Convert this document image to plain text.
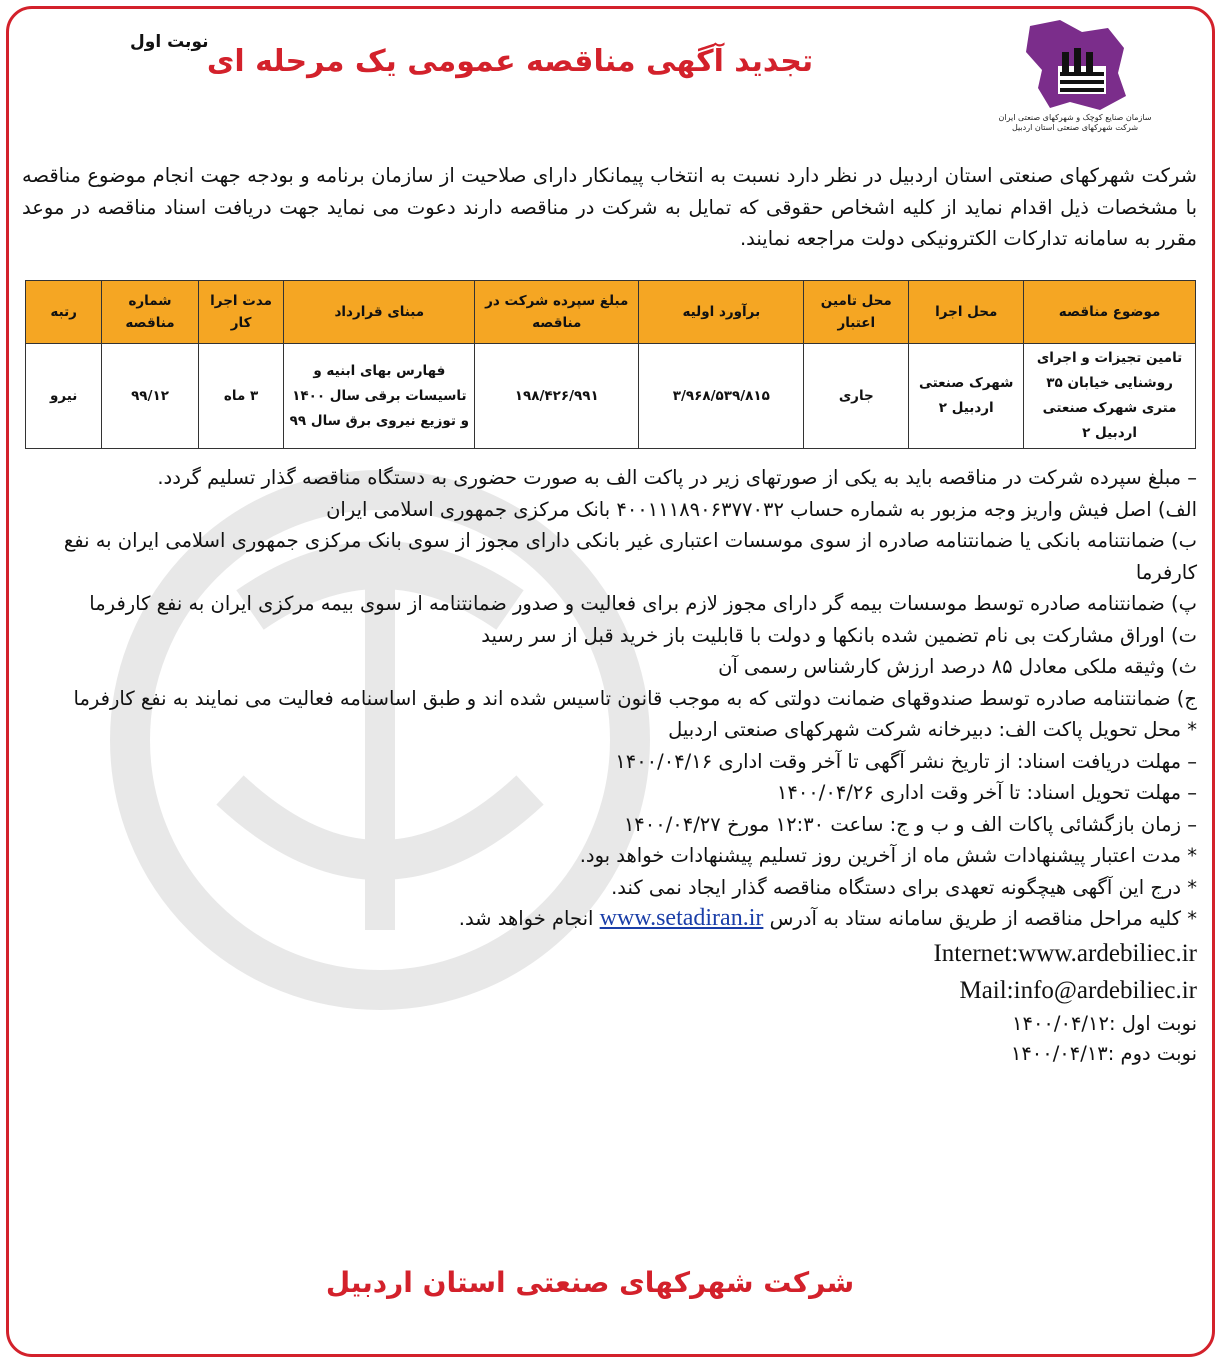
سازمان صنایع کوچک و شهرکهای صنعتی ایران
شرکت شهرکهای صنعتی استان اردبیل
نوبت اول
تجدید آگهی مناقصه عمومی یک مرحله ای
شرکت شهرکهای صنعتی استان اردبیل در نظر دارد نسبت به انتخاب پیمانکار دارای صلاحیت از سازمان برنامه و بودجه جهت انجام موضوع مناقصه با مشخصات ذیل اقدام نماید از کلیه اشخاص حقوقی که تمایل به شرکت در مناقصه دارند دعوت می نماید جهت دریافت اسناد مناقصه در موعد مقرر به سامانه تدارکات الکترونیکی دولت مراجعه نمایند.
موضوع مناقصه	محل اجرا	محل تامین اعتبار	برآورد اولیه	مبلغ سپرده شرکت در مناقصه	مبنای قرارداد	مدت اجرا کار	شماره مناقصه	رتبه
تامین تجیزات و اجرای روشنایی خیابان ۳۵ متری شهرک صنعتی اردبیل ۲	شهرک صنعتی اردبیل ۲	جاری	۳/۹۶۸/۵۳۹/۸۱۵	۱۹۸/۴۲۶/۹۹۱	فهارس بهای ابنیه و تاسیسات برقی سال ۱۴۰۰ و توزیع نیروی برق سال ۹۹	۳ ماه	۹۹/۱۲	نیرو

– مبلغ سپرده شرکت در مناقصه باید به یکی از صورتهای زیر در پاکت الف به صورت حضوری به دستگاه مناقصه گذار تسلیم گردد.

الف) اصل فیش واریز وجه مزبور به شماره حساب ۴۰۰۱۱۱۸۹۰۶۳۷۷۰۳۲ بانک مرکزی جمهوری اسلامی ایران

ب) ضمانتنامه بانکی یا ضمانتنامه صادره از سوی موسسات اعتباری غیر بانکی دارای مجوز از سوی بانک مرکزی جمهوری اسلامی ایران به نفع کارفرما

پ) ضمانتنامه صادره توسط موسسات بیمه گر دارای مجوز لازم برای فعالیت و صدور ضمانتنامه از سوی بیمه مرکزی ایران به نفع کارفرما

ت) اوراق مشارکت بی نام تضمین شده بانکها و دولت با قابلیت باز خرید قبل از سر رسید

ث) وثیقه ملکی معادل ۸۵ درصد ارزش کارشناس رسمی آن

ج) ضمانتنامه صادره توسط صندوقهای ضمانت دولتی که به موجب قانون تاسیس شده اند و طبق اساسنامه فعالیت می نمایند به نفع کارفرما

* محل تحویل پاکت الف: دبیرخانه شرکت شهرکهای صنعتی اردبیل

– مهلت دریافت اسناد: از تاریخ نشر آگهی تا آخر وقت اداری ۱۴۰۰/۰۴/۱۶

– مهلت تحویل اسناد: تا آخر وقت اداری ۱۴۰۰/۰۴/۲۶

– زمان بازگشائی پاکات الف و ب و ج: ساعت ۱۲:۳۰ مورخ ۱۴۰۰/۰۴/۲۷

* مدت اعتبار پیشنهادات شش ماه از آخرین روز تسلیم پیشنهادات خواهد بود.

* درج این آگهی هیچگونه تعهدی برای دستگاه مناقصه گذار ایجاد نمی کند.

* کلیه مراحل مناقصه از طریق سامانه ستاد به آدرس www.setadiran.ir انجام خواهد شد.

Internet:www.ardebiliec.ir

Mail:info@ardebiliec.ir

نوبت اول :۱۴۰۰/۰۴/۱۲

نوبت دوم :۱۴۰۰/۰۴/۱۳

شرکت شهرکهای صنعتی استان اردبیل
